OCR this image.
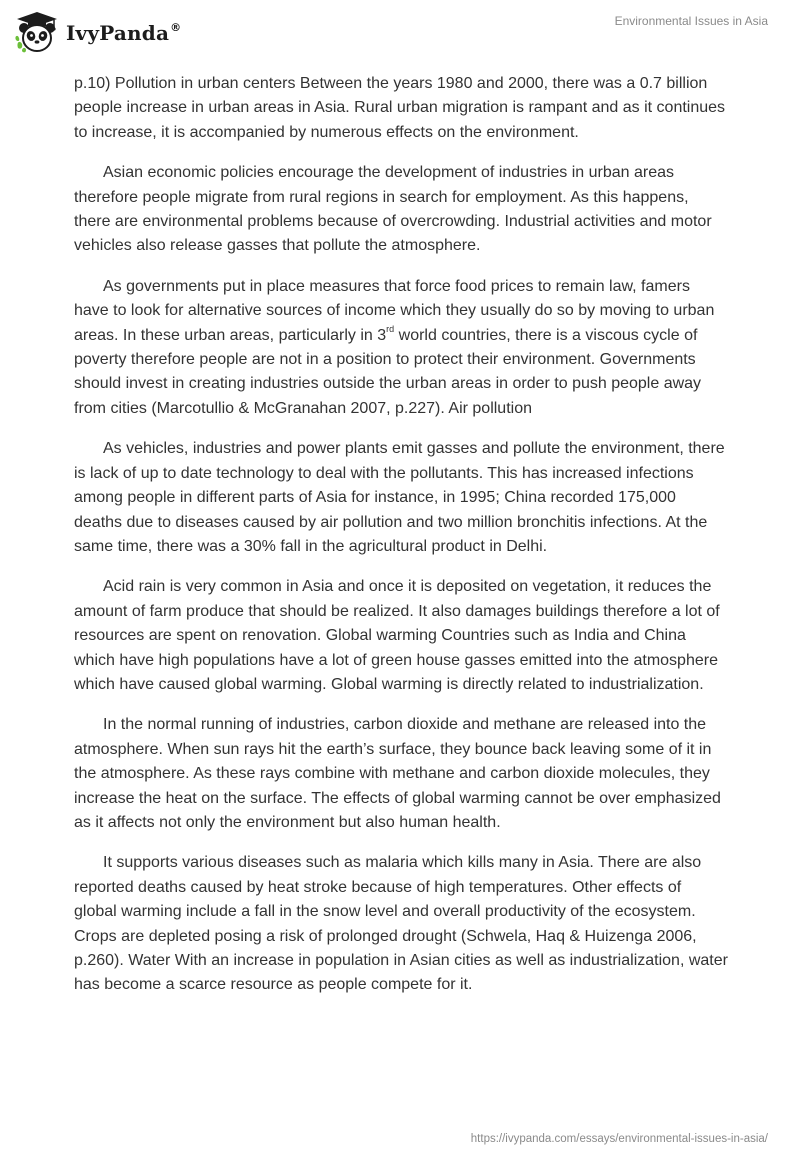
IvyPanda®	Environmental Issues in Asia

p.10) Pollution in urban centers Between the years 1980 and 2000, there was a 0.7 billion people increase in urban areas in Asia. Rural urban migration is rampant and as it continues to increase, it is accompanied by numerous effects on the environment.

Asian economic policies encourage the development of industries in urban areas therefore people migrate from rural regions in search for employment. As this happens, there are environmental problems because of overcrowding. Industrial activities and motor vehicles also release gasses that pollute the atmosphere.

As governments put in place measures that force food prices to remain law, famers have to look for alternative sources of income which they usually do so by moving to urban areas. In these urban areas, particularly in 3rd world countries, there is a viscous cycle of poverty therefore people are not in a position to protect their environment. Governments should invest in creating industries outside the urban areas in order to push people away from cities (Marcotullio & McGranahan 2007, p.227). Air pollution

As vehicles, industries and power plants emit gasses and pollute the environment, there is lack of up to date technology to deal with the pollutants. This has increased infections among people in different parts of Asia for instance, in 1995; China recorded 175,000 deaths due to diseases caused by air pollution and two million bronchitis infections. At the same time, there was a 30% fall in the agricultural product in Delhi.

Acid rain is very common in Asia and once it is deposited on vegetation, it reduces the amount of farm produce that should be realized. It also damages buildings therefore a lot of resources are spent on renovation. Global warming Countries such as India and China which have high populations have a lot of green house gasses emitted into the atmosphere which have caused global warming. Global warming is directly related to industrialization.

In the normal running of industries, carbon dioxide and methane are released into the atmosphere. When sun rays hit the earth’s surface, they bounce back leaving some of it in the atmosphere. As these rays combine with methane and carbon dioxide molecules, they increase the heat on the surface. The effects of global warming cannot be over emphasized as it affects not only the environment but also human health.

It supports various diseases such as malaria which kills many in Asia. There are also reported deaths caused by heat stroke because of high temperatures. Other effects of global warming include a fall in the snow level and overall productivity of the ecosystem. Crops are depleted posing a risk of prolonged drought (Schwela, Haq & Huizenga 2006, p.260). Water With an increase in population in Asian cities as well as industrialization, water has become a scarce resource as people compete for it.

https://ivypanda.com/essays/environmental-issues-in-asia/
